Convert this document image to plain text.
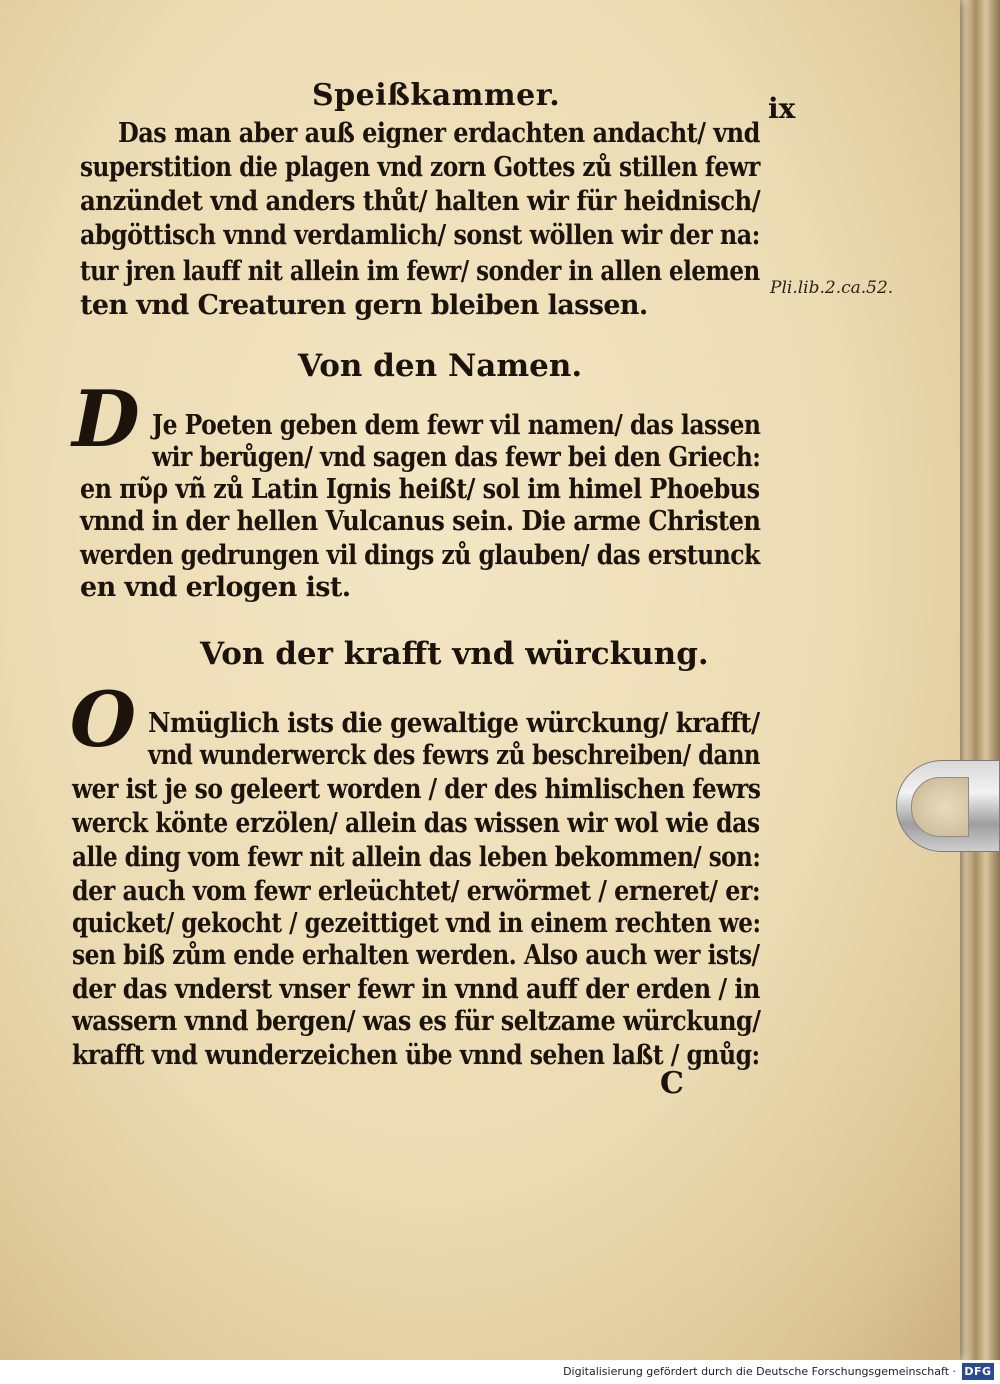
Speißkammer.	ix
Das man aber auß eigner erdachten andacht/ vnd
superstition die plagen vnd zorn Gottes zů stillen fewr
anzündet vnd anders thůt/ halten wir für heidnisch/
abgöttisch vnnd verdamlich/ sonst wöllen wir der na:
tur jren lauff nit allein im fewr/ sonder in allen elemen
ten vnd Creaturen gern bleiben lassen.
Pli.lib.2.ca.52.
Von den Namen.
D Je Poeten geben dem fewr vil namen/ das lassen
wir berůgen/ vnd sagen das fewr bei den Griech:
en πῦρ vñ zů Latin Ignis heißt/ sol im himel Phoebus
vnnd in der hellen Vulcanus sein. Die arme Christen
werden gedrungen vil dings zů glauben/ das erstunck
en vnd erlogen ist.
Von der krafft vnd würckung.
O Nmüglich ists die gewaltige würckung/ krafft/
vnd wunderwerck des fewrs zů beschreiben/ dann
wer ist je so geleert worden / der des himlischen fewrs
werck könte erzölen/ allein das wissen wir wol wie das
alle ding vom fewr nit allein das leben bekommen/ son:
der auch vom fewr erleüchtet/ erwörmet / erneret/ er:
quicket/ gekocht / gezeittiget vnd in einem rechten we:
sen biß zům ende erhalten werden. Also auch wer ists/
der das vnderst vnser fewr in vnnd auff der erden / in
wassern vnnd bergen/ was es für seltzame würckung/
krafft vnd wunderzeichen übe vnnd sehen laßt / gnůg:
C
Digitalisierung gefördert durch die Deutsche Forschungsgemeinschaft · DFG
